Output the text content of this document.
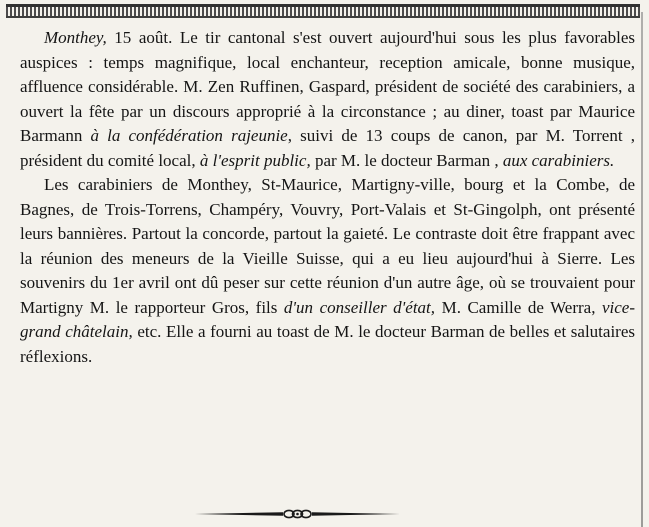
Monthey, 15 août. Le tir cantonal s'est ouvert aujourd'hui sous les plus favorables auspices : temps magnifique, local enchanteur, reception amicale, bonne musique, affluence considérable. M. Zen Ruffinen, Gaspard, président de société des carabiniers, a ouvert la fête par un discours approprié à la circonstance ; au diner, toast par Maurice Barmann à la confédération rajeunie, suivi de 13 coups de canon, par M. Torrent , président du comité local, à l'esprit public, par M. le docteur Barman , aux carabiniers.

Les carabiniers de Monthey, St-Maurice, Martigny-ville, bourg et la Combe, de Bagnes, de Trois-Torrens, Champéry, Vouvry, Port-Valais et St-Gingolph, ont présenté leurs bannières. Partout la concorde, partout la gaieté. Le contraste doit être frappant avec la réunion des meneurs de la Vieille Suisse, qui a eu lieu aujourd'hui à Sierre. Les souvenirs du 1er avril ont dû peser sur cette réunion d'un autre âge, où se trouvaient pour Martigny M. le rapporteur Gros, fils d'un conseiller d'état, M. Camille de Werra, vice-grand châtelain, etc. Elle a fourni au toast de M. le docteur Barman de belles et salutaires réflexions.
